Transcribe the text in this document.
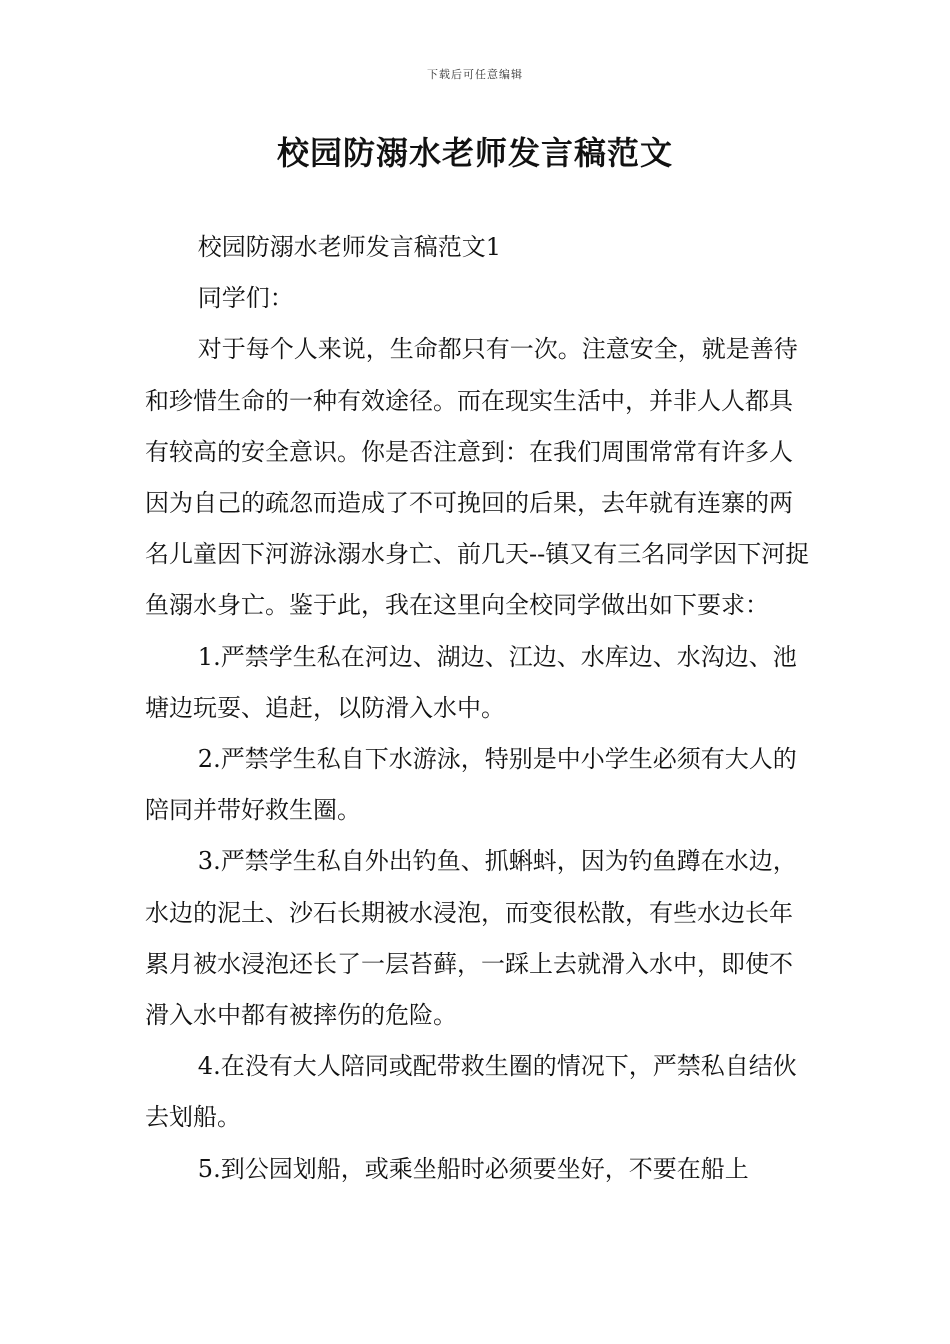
下载后可任意编辑
校园防溺水老师发言稿范文

校园防溺水老师发言稿范文1

同学们：

对于每个人来说，生命都只有一次。注意安全，就是善待和珍惜生命的一种有效途径。而在现实生活中，并非人人都具有较高的安全意识。你是否注意到：在我们周围常常有许多人因为自己的疏忽而造成了不可挽回的后果，去年就有连寨的两名儿童因下河游泳溺水身亡、前几天--镇又有三名同学因下河捉鱼溺水身亡。鉴于此，我在这里向全校同学做出如下要求：

1.严禁学生私在河边、湖边、江边、水库边、水沟边、池塘边玩耍、追赶，以防滑入水中。

2.严禁学生私自下水游泳，特别是中小学生必须有大人的陪同并带好救生圈。

3.严禁学生私自外出钓鱼、抓蝌蚪，因为钓鱼蹲在水边，水边的泥土、沙石长期被水浸泡，而变很松散，有些水边长年累月被水浸泡还长了一层苔藓，一踩上去就滑入水中，即使不滑入水中都有被摔伤的危险。

4.在没有大人陪同或配带救生圈的情况下，严禁私自结伙去划船。

5.到公园划船，或乘坐船时必须要坐好，不要在船上
